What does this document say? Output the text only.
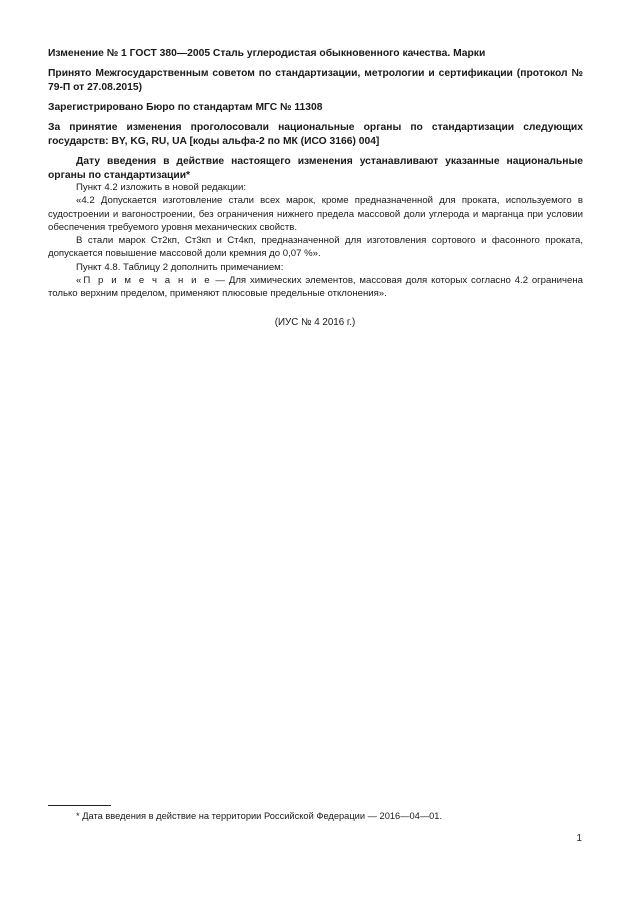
Изменение № 1 ГОСТ 380—2005 Сталь углеродистая обыкновенного качества. Марки

Принято Межгосударственным советом по стандартизации, метрологии и сертификации (протокол № 79-П от 27.08.2015)

Зарегистрировано Бюро по стандартам МГС № 11308

За принятие изменения проголосовали национальные органы по стандартизации следующих государств: BY, KG, RU, UA [коды альфа-2 по МК (ИСО 3166) 004]

Дату введения в действие настоящего изменения устанавливают указанные национальные органы по стандартизации*

Пункт 4.2 изложить в новой редакции:

«4.2 Допускается изготовление стали всех марок, кроме предназначенной для проката, используемого в судостроении и вагоностроении, без ограничения нижнего предела массовой доли углерода и марганца при условии обеспечения требуемого уровня механических свойств.

В стали марок Ст2кп, Ст3кп и Ст4кп, предназначенной для изготовления сортового и фасонного проката, допускается повышение массовой доли кремния до 0,07 %».

Пункт 4.8. Таблицу 2 дополнить примечанием:

«П р и м е ч а н и е — Для химических элементов, массовая доля которых согласно 4.2 ограничена только верхним пределом, применяют плюсовые предельные отклонения».

(ИУС № 4 2016 г.)
* Дата введения в действие на территории Российской Федерации — 2016—04—01.
1
